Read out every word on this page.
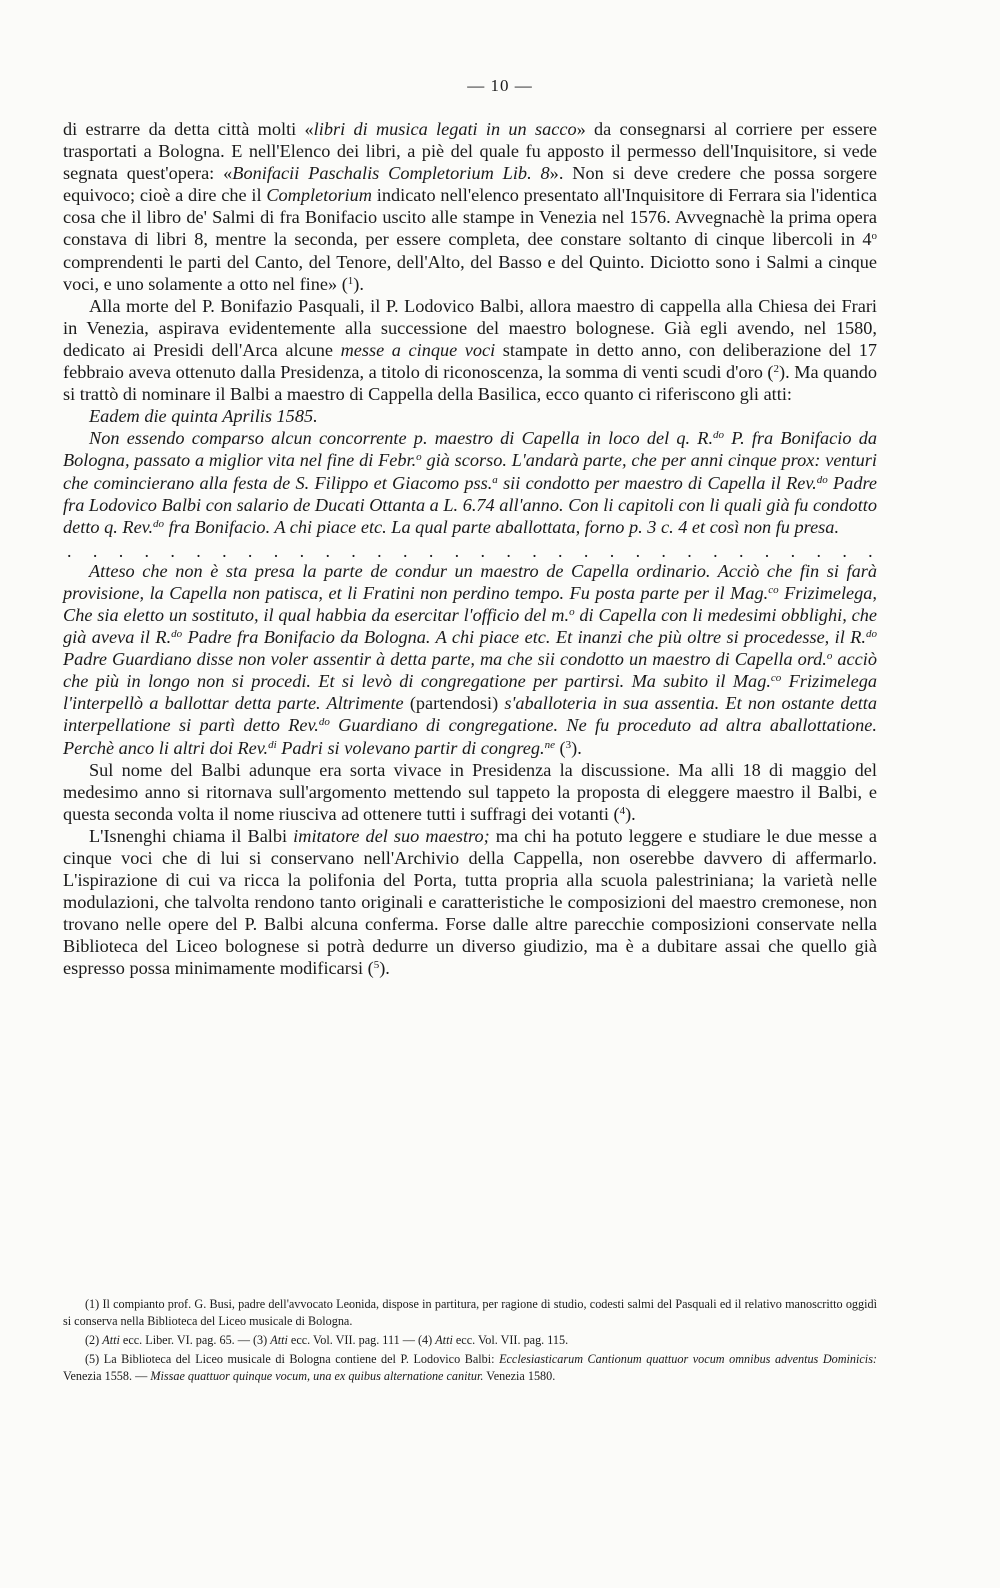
— 10 —

di estrarre da detta città molti «libri di musica legati in un sacco» da consegnarsi al corriere per essere trasportati a Bologna. E nell'Elenco dei libri, a piè del quale fu apposto il permesso dell'Inquisitore, si vede segnata quest'opera: «Bonifacii Paschalis Completorium Lib. 8». Non si deve credere che possa sorgere equivoco; cioè a dire che il Completorium indicato nell'elenco presentato all'Inquisitore di Ferrara sia l'identica cosa che il libro de' Salmi di fra Bonifacio uscito alle stampe in Venezia nel 1576. Avvegnachè la prima opera constava di libri 8, mentre la seconda, per essere completa, dee constare soltanto di cinque libercoli in 4$^o$ comprendenti le parti del Canto, del Tenore, dell'Alto, del Basso e del Quinto. Diciotto sono i Salmi a cinque voci, e uno solamente a otto nel fine» ($^1$).

Alla morte del P. Bonifazio Pasquali, il P. Lodovico Balbi, allora maestro di cappella alla Chiesa dei Frari in Venezia, aspirava evidentemente alla successione del maestro bolognese. Già egli avendo, nel 1580, dedicato ai Presidi dell'Arca alcune messe a cinque voci stampate in detto anno, con deliberazione del 17 febbraio aveva ottenuto dalla Presidenza, a titolo di riconoscenza, la somma di venti scudi d'oro ($^2$). Ma quando si trattò di nominare il Balbi a maestro di Cappella della Basilica, ecco quanto ci riferiscono gli atti:

Eadem die quinta Aprilis 1585.

Non essendo comparso alcun concorrente p. maestro di Capella in loco del q. R.$^{do}$ P. fra Bonifacio da Bologna, passato a miglior vita nel fine di Febr.$^o$ già scorso. L'andarà parte, che per anni cinque prox: venturi che comincierano alla festa de S. Filippo et Giacomo pss.$^a$ sii condotto per maestro di Capella il Rev.$^{do}$ Padre fra Lodovico Balbi con salario de Ducati Ottanta a L. 6.74 all'anno. Con li capitoli con li quali già fu condotto detto q. Rev.$^{do}$ fra Bonifacio. A chi piace etc. La qual parte aballottata, forno p. 3 c. 4 et così non fu presa.

. . . . . . . . . . . . . . . . . . . . . . . . . . . . . . . .

Atteso che non è sta presa la parte de condur un maestro de Capella ordinario. Acciò che fin si farà provisione, la Capella non patisca, et li Fratini non perdino tempo. Fu posta parte per il Mag.$^{co}$ Frizimelega, Che sia eletto un sostituto, il qual habbia da esercitar l'officio del m.$^o$ di Capella con li medesimi obblighi, che già aveva il R.$^{do}$ Padre fra Bonifacio da Bologna. A chi piace etc. Et inanzi che più oltre si procedesse, il R.$^{do}$ Padre Guardiano disse non voler assentir à detta parte, ma che sii condotto un maestro di Capella ord.$^o$ acciò che più in longo non si procedi. Et si levò di congregatione per partirsi. Ma subito il Mag.$^{co}$ Frizimelega l'interpellò a ballottar detta parte. Altrimente (partendosi) s'aballoteria in sua assentia. Et non ostante detta interpellatione si partì detto Rev.$^{do}$ Guardiano di congregatione. Ne fu proceduto ad altra aballottatione. Perchè anco li altri doi Rev.$^{di}$ Padri si volevano partir di congreg.$^{ne}$ ($^3$).

Sul nome del Balbi adunque era sorta vivace in Presidenza la discussione. Ma alli 18 di maggio del medesimo anno si ritornava sull'argomento mettendo sul tappeto la proposta di eleggere maestro il Balbi, e questa seconda volta il nome riusciva ad ottenere tutti i suffragi dei votanti ($^4$).

L'Isnenghi chiama il Balbi imitatore del suo maestro; ma chi ha potuto leggere e studiare le due messe a cinque voci che di lui si conservano nell'Archivio della Cappella, non oserebbe davvero di affermarlo. L'ispirazione di cui va ricca la polifonia del Porta, tutta propria alla scuola palestriniana; la varietà nelle modulazioni, che talvolta rendono tanto originali e caratteristiche le composizioni del maestro cremonese, non trovano nelle opere del P. Balbi alcuna conferma. Forse dalle altre parecchie composizioni conservate nella Biblioteca del Liceo bolognese si potrà dedurre un diverso giudizio, ma è a dubitare assai che quello già espresso possa minimamente modificarsi ($^5$).

(1) Il compianto prof. G. Busi, padre dell'avvocato Leonida, dispose in partitura, per ragione di studio, codesti salmi del Pasquali ed il relativo manoscritto oggidì si conserva nella Biblioteca del Liceo musicale di Bologna.

(2) Atti ecc. Liber. VI. pag. 65. — (3) Atti ecc. Vol. VII. pag. 111 — (4) Atti ecc. Vol. VII. pag. 115.

(5) La Biblioteca del Liceo musicale di Bologna contiene del P. Lodovico Balbi: Ecclesiasticarum Cantionum quattuor vocum omnibus adventus Dominicis: Venezia 1558. — Missae quattuor quinque vocum, una ex quibus alternatione canitur. Venezia 1580.
